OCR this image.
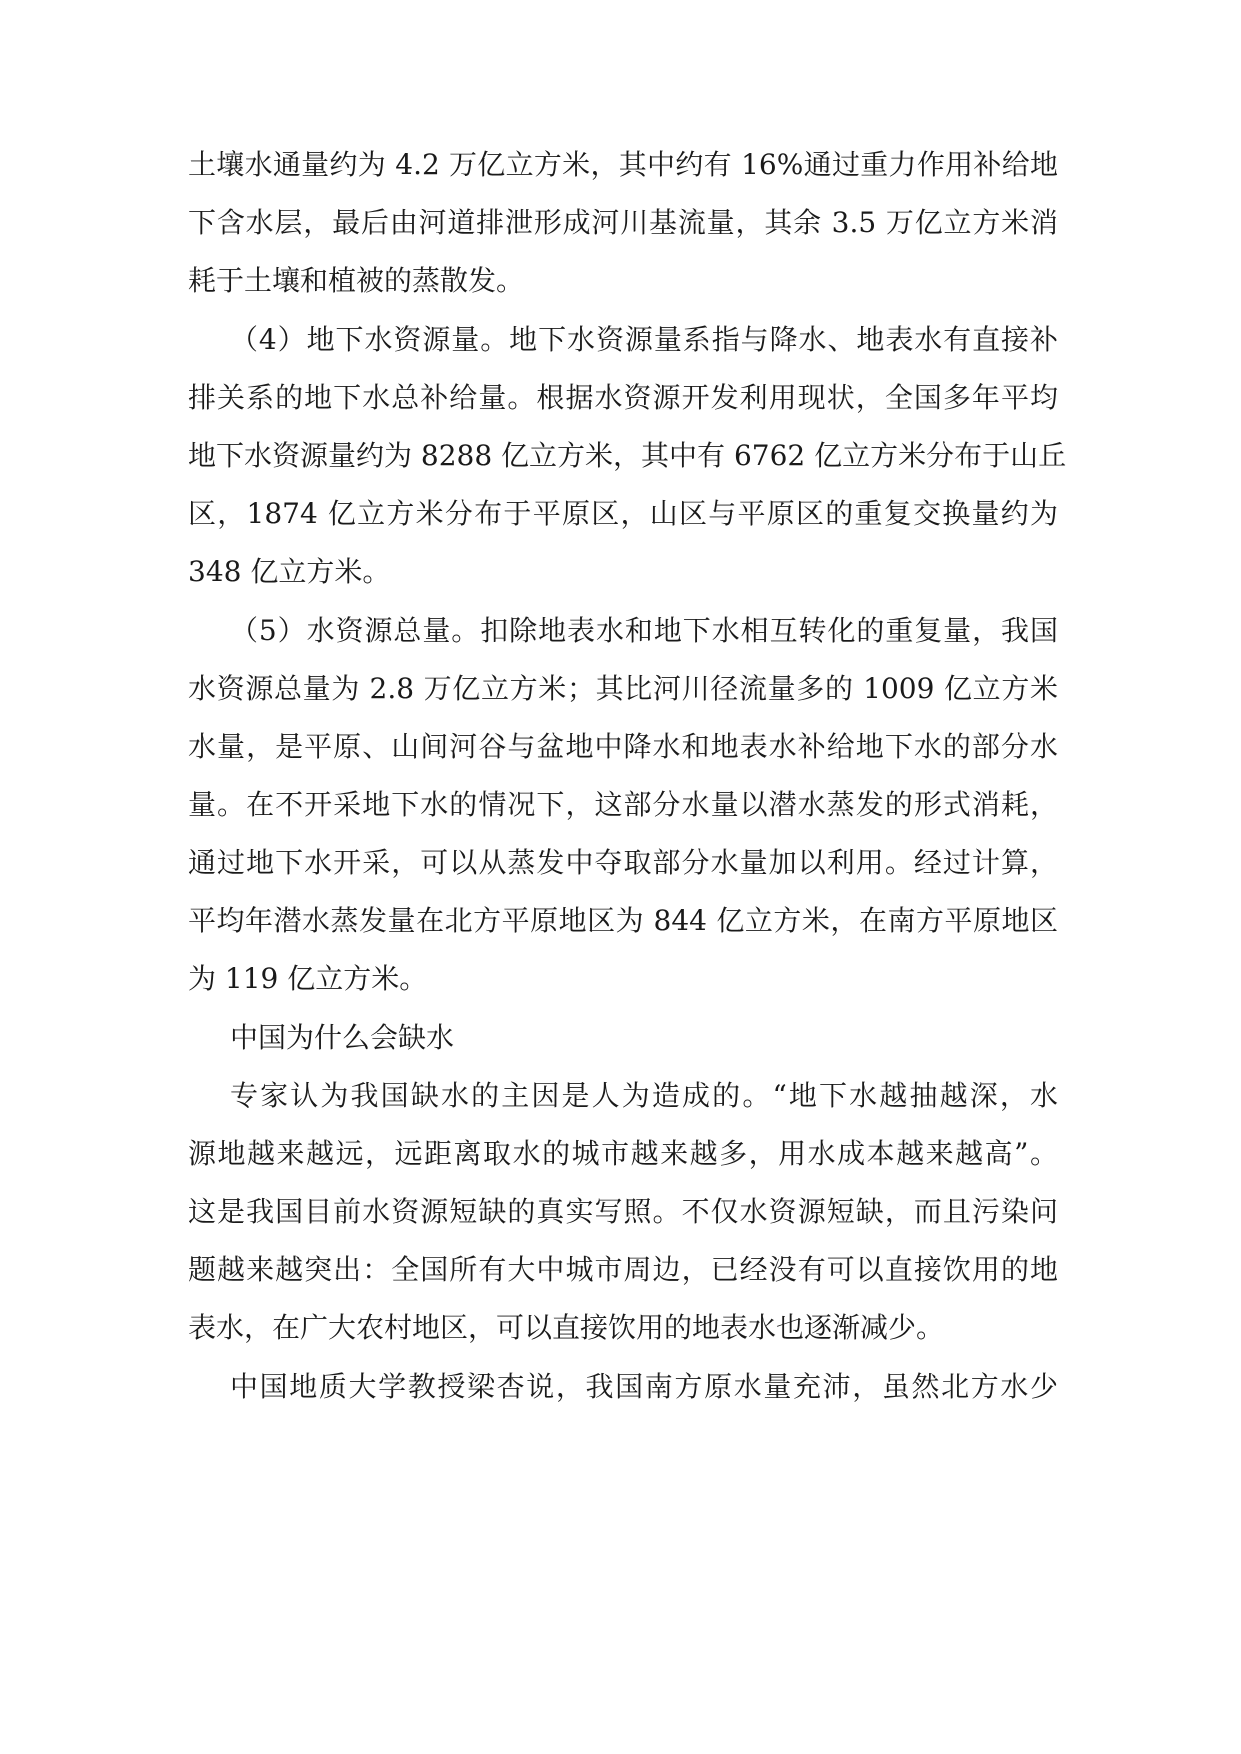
土壤水通量约为 4.2 万亿立方米，其中约有 16%通过重力作用补给地
下含水层，最后由河道排泄形成河川基流量，其余 3.5 万亿立方米消
耗于土壤和植被的蒸散发。
（4）地下水资源量。地下水资源量系指与降水、地表水有直接补
排关系的地下水总补给量。根据水资源开发利用现状，全国多年平均
地下水资源量约为 8288 亿立方米，其中有 6762 亿立方米分布于山丘
区，1874 亿立方米分布于平原区，山区与平原区的重复交换量约为
348 亿立方米。
（5）水资源总量。扣除地表水和地下水相互转化的重复量，我国
水资源总量为 2.8 万亿立方米；其比河川径流量多的 1009 亿立方米
水量，是平原、山间河谷与盆地中降水和地表水补给地下水的部分水
量。在不开采地下水的情况下，这部分水量以潜水蒸发的形式消耗，
通过地下水开采，可以从蒸发中夺取部分水量加以利用。经过计算，
平均年潜水蒸发量在北方平原地区为 844 亿立方米，在南方平原地区
为 119 亿立方米。
中国为什么会缺水
专家认为我国缺水的主因是人为造成的。“地下水越抽越深，水
源地越来越远，远距离取水的城市越来越多，用水成本越来越高”。
这是我国目前水资源短缺的真实写照。不仅水资源短缺，而且污染问
题越来越突出：全国所有大中城市周边，已经没有可以直接饮用的地
表水，在广大农村地区，可以直接饮用的地表水也逐渐减少。
中国地质大学教授梁杏说，我国南方原水量充沛，虽然北方水少
